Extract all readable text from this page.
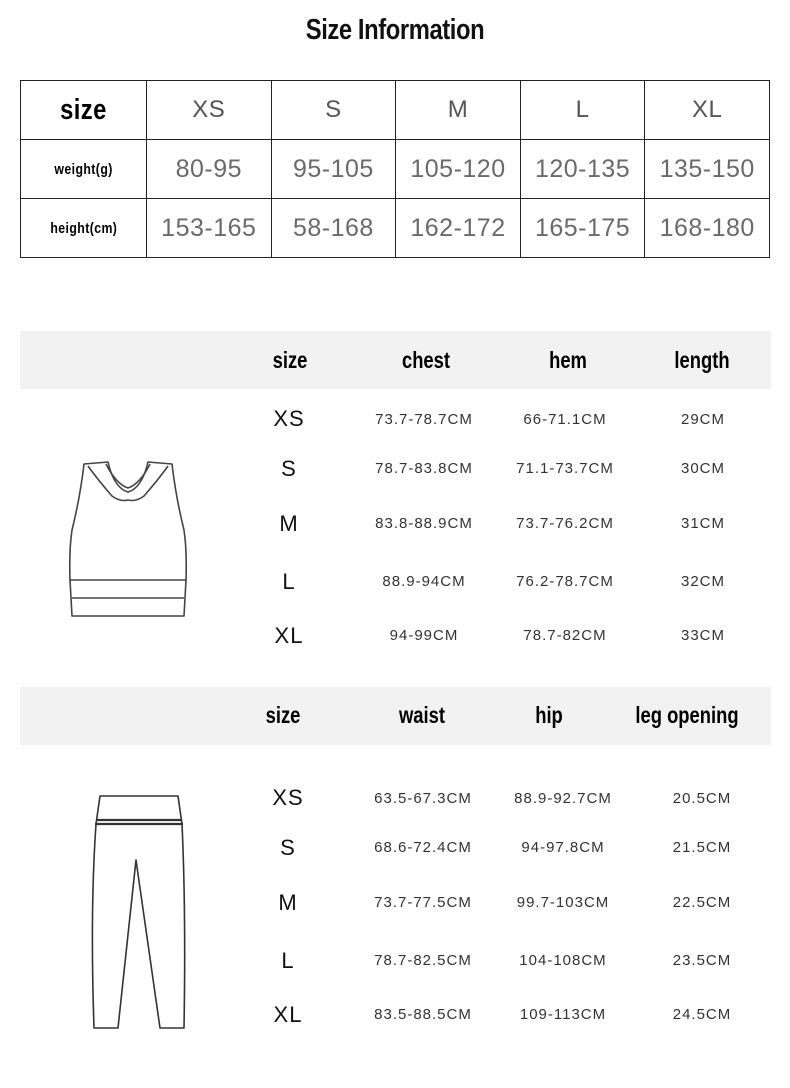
Size Information
size	XS	S	M	L	XL
weight(g)	80-95	95-105	105-120	120-135	135-150
height(cm)	153-165	58-168	162-172	165-175	168-180
size	chest	hem	length
XS	73.7-78.7CM	66-71.1CM	29CM
S	78.7-83.8CM	71.1-73.7CM	30CM
M	83.8-88.9CM	73.7-76.2CM	31CM
L	88.9-94CM	76.2-78.7CM	32CM
XL	94-99CM	78.7-82CM	33CM
size	waist	hip	leg opening
XS	63.5-67.3CM	88.9-92.7CM	20.5CM
S	68.6-72.4CM	94-97.8CM	21.5CM
M	73.7-77.5CM	99.7-103CM	22.5CM
L	78.7-82.5CM	104-108CM	23.5CM
XL	83.5-88.5CM	109-113CM	24.5CM
